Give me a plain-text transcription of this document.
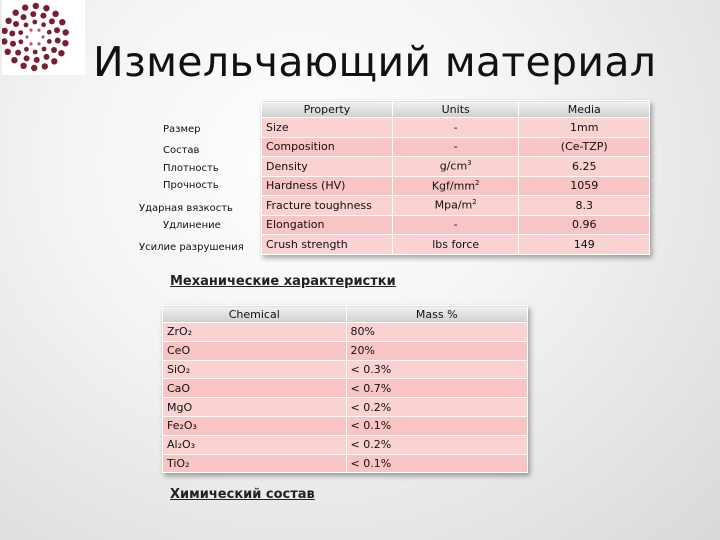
Измельчающий материал
Размер
Состав
Плотность
Прочность
Ударная вязкость
Удлинение
Усилие разрушения
Property	Units	Media
Size	-	1mm
Composition	-	(Ce-TZP)
Density	$g/cm^3$	6.25
Hardness (HV)	Kgf/$mm^2$	1059
Fracture toughness	Mpa/$m^2$	8.3
Elongation	-	0.96
Crush strength	lbs force	149
Механические характеристки
Chemical	Mass %
ZrO₂	80%
CeO	20%
SiO₂	< 0.3%
CaO	< 0.7%
MgO	< 0.2%
Fe₂O₃	< 0.1%
Al₂O₃	< 0.2%
TiO₂	< 0.1%
Химический состав
